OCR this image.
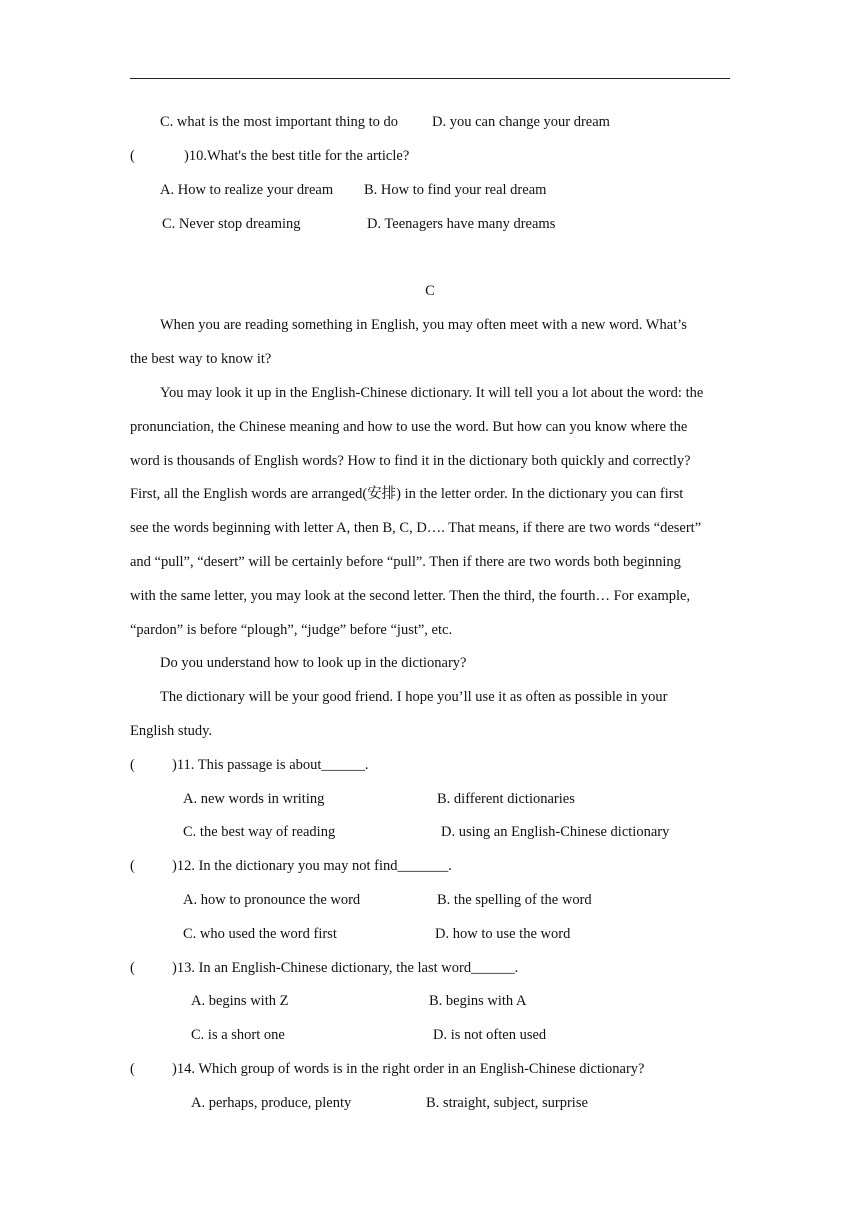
C. what is the most important thing to do D. you can change your dream
(	)10.What's the best title for the article?
A. How to realize your dream B. How to find your real dream
C. Never stop dreaming	D. Teenagers have many dreams
C
When you are reading something in English, you may often meet with a new word. What’s
the best way to know it?
You may look it up in the English-Chinese dictionary. It will tell you a lot about the word: the
pronunciation, the Chinese meaning and how to use the word. But how can you know where the
word is thousands of English words? How to find it in the dictionary both quickly and correctly?
First, all the English words are arranged(安排) in the letter order. In the dictionary you can first
see the words beginning with letter A, then B, C, D…. That means, if there are two words “desert”
and “pull”, “desert” will be certainly before “pull”. Then if there are two words both beginning
with the same letter, you may look at the second letter. Then the third, the fourth… For example,
“pardon” is before “plough”, “judge” before “just”, etc.
Do you understand how to look up in the dictionary?
The dictionary will be your good friend. I hope you’ll use it as often as possible in your
English study.
(	)11. This passage is about______.
A. new words in writing	B. different dictionaries
C. the best way of reading	D. using an English-Chinese dictionary
(	)12. In the dictionary you may not find_______.
A. how to pronounce the word	B. the spelling of the word
C. who used the word first	D. how to use the word
(	)13. In an English-Chinese dictionary, the last word______.
A. begins with Z	B. begins with A
C. is a short one	D. is not often used
(	)14. Which group of words is in the right order in an English-Chinese dictionary?
A. perhaps, produce, plenty	B. straight, subject, surprise
